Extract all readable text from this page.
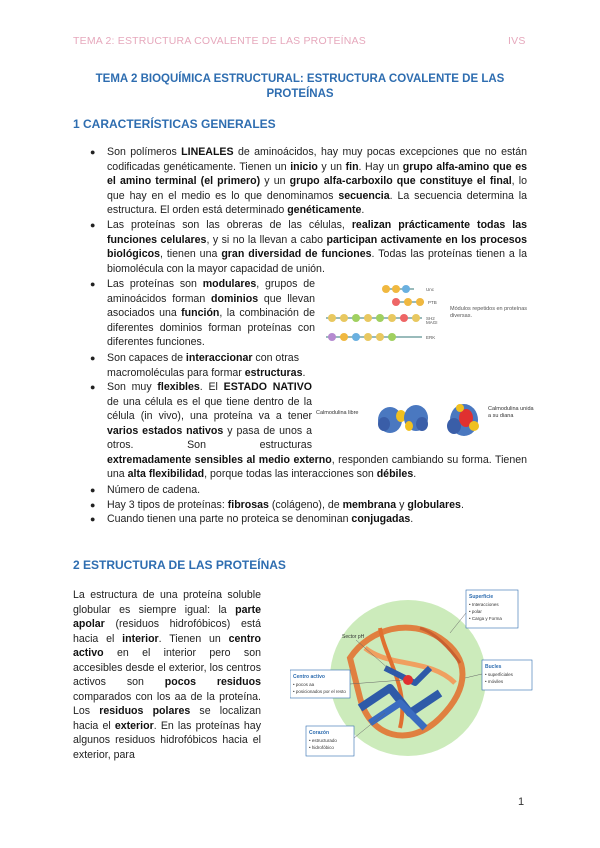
TEMA 2: ESTRUCTURA COVALENTE DE LAS PROTEÍNAS	IVS
TEMA 2 BIOQUÍMICA ESTRUCTURAL: ESTRUCTURA COVALENTE DE LAS PROTEÍNAS
1 CARACTERÍSTICAS GENERALES
● Son polímeros LINEALES de aminoácidos, hay muy pocas excepciones que no están codificadas genéticamente. Tienen un inicio y un fin. Hay un grupo alfa-amino que es el amino terminal (el primero) y un grupo alfa-carboxilo que constituye el final, lo que hay en el medio es lo que denominamos secuencia. La secuencia determina la estructura. El orden está determinado genéticamente.
● Las proteínas son las obreras de las células, realizan prácticamente todas las funciones celulares, y si no la llevan a cabo participan activamente en los procesos biológicos, tienen una gran diversidad de funciones. Todas las proteínas tienen a la biomolécula con la mayor capacidad de unión.
● Las proteínas son modulares, grupos de aminoácidos forman dominios que llevan asociados una función, la combinación de diferentes dominios forman proteínas con diferentes funciones.
● Son capaces de interaccionar con otras macromoléculas para formar estructuras.
● Son muy flexibles. El ESTADO NATIVO de una célula es el que tiene dentro de la célula (in vivo), una proteína va a tener varios estados nativos y pasa de unos a otros. Son estructuras
extremadamente sensibles al medio externo, responden cambiando su forma. Tienen una alta flexibilidad, porque todas las interacciones son débiles.
● Número de cadena.
● Hay 3 tipos de proteínas: fibrosas (colágeno), de membrana y globulares.
● Cuando tienen una parte no proteica se denominan conjugadas.
Unc
PTB
SH2
MAGI
ERK
Módulos repetidos en proteínas diversas.
Calmodulina libre
Calmodulina unida a su diana
2 ESTRUCTURA DE LAS PROTEÍNAS
La estructura de una proteína soluble globular es siempre igual: la parte apolar (residuos hidrofóbicos) está hacia el interior. Tienen un centro activo en el interior pero son accesibles desde el exterior, los centros activos son pocos residuos comparados con los aa de la proteína. Los residuos polares se localizan hacia el exterior. En las proteínas hay algunos residuos hidrofóbicos hacia el exterior, para
Sector pH
Superficie
• Interacciones
• polar
• Carga y Forma
Bucles
• superficiales
• móviles
Centro activo
• pocos aa
• posicionados por el resto
Corazón
• estructurado
• hidrofóbico
1
